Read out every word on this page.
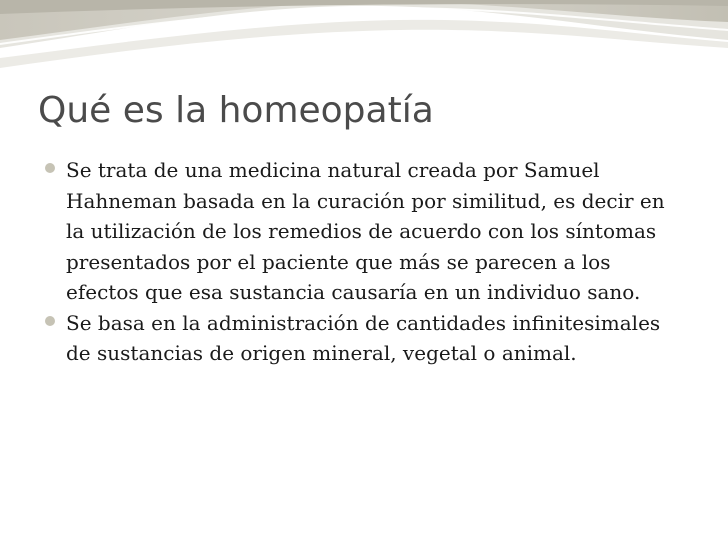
Qué es la homeopatía
Se trata de una medicina natural creada por Samuel Hahneman basada en la curación por similitud, es decir en la utilización de los remedios de acuerdo con los síntomas presentados por el paciente que más se parecen a los efectos que esa sustancia causaría en un individuo sano.
Se basa en la administración de cantidades infinitesimales de sustancias de origen mineral, vegetal o animal.
